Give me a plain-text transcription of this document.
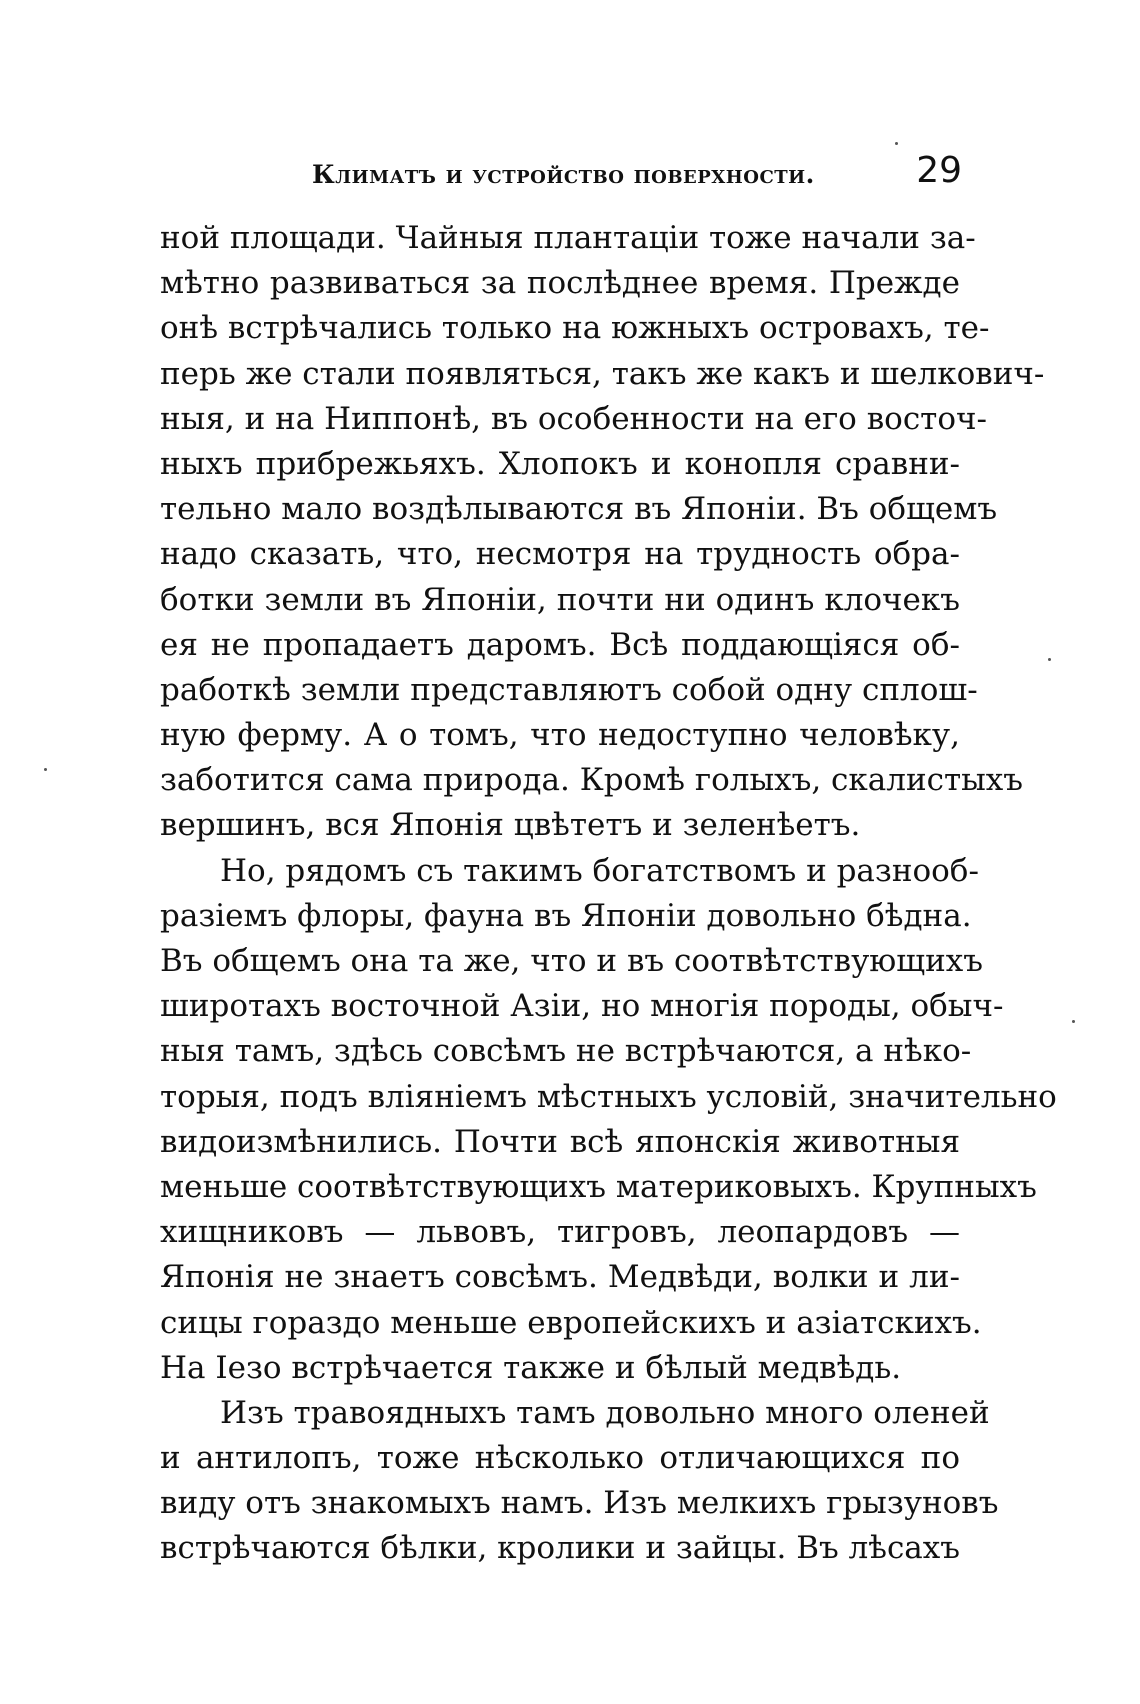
Климатъ и устройство поверхности.	29
ной площади. Чайныя плантаціи тоже начали за-
мѣтно развиваться за послѣднее время. Прежде
онѣ встрѣчались только на южныхъ островахъ, те-
перь же стали появляться, такъ же какъ и шелкович-
ныя, и на Ниппонѣ, въ особенности на его восточ-
ныхъ прибрежьяхъ. Хлопокъ и конопля сравни-
тельно мало воздѣлываются въ Японіи. Въ общемъ
надо сказать, что, несмотря на трудность обра-
ботки земли въ Японіи, почти ни одинъ клочекъ
ея не пропадаетъ даромъ. Всѣ поддающіяся об-
работкѣ земли представляютъ собой одну сплош-
ную ферму. А о томъ, что недоступно человѣку,
заботится сама природа. Кромѣ голыхъ, скалистыхъ
вершинъ, вся Японія цвѣтетъ и зеленѣетъ.
Но, рядомъ съ такимъ богатствомъ и разнооб-
разіемъ флоры, фауна въ Японіи довольно бѣдна.
Въ общемъ она та же, что и въ соотвѣтствующихъ
широтахъ восточной Азіи, но многія породы, обыч-
ныя тамъ, здѣсь совсѣмъ не встрѣчаются, а нѣко-
торыя, подъ вліяніемъ мѣстныхъ условій, значительно
видоизмѣнились. Почти всѣ японскія животныя
меньше соотвѣтствующихъ материковыхъ. Крупныхъ
хищниковъ — львовъ, тигровъ, леопардовъ —
Японія не знаетъ совсѣмъ. Медвѣди, волки и ли-
сицы гораздо меньше европейскихъ и азіатскихъ.
На Іезо встрѣчается также и бѣлый медвѣдь.
Изъ травоядныхъ тамъ довольно много оленей
и антилопъ, тоже нѣсколько отличающихся по
виду отъ знакомыхъ намъ. Изъ мелкихъ грызуновъ
встрѣчаются бѣлки, кролики и зайцы. Въ лѣсахъ
